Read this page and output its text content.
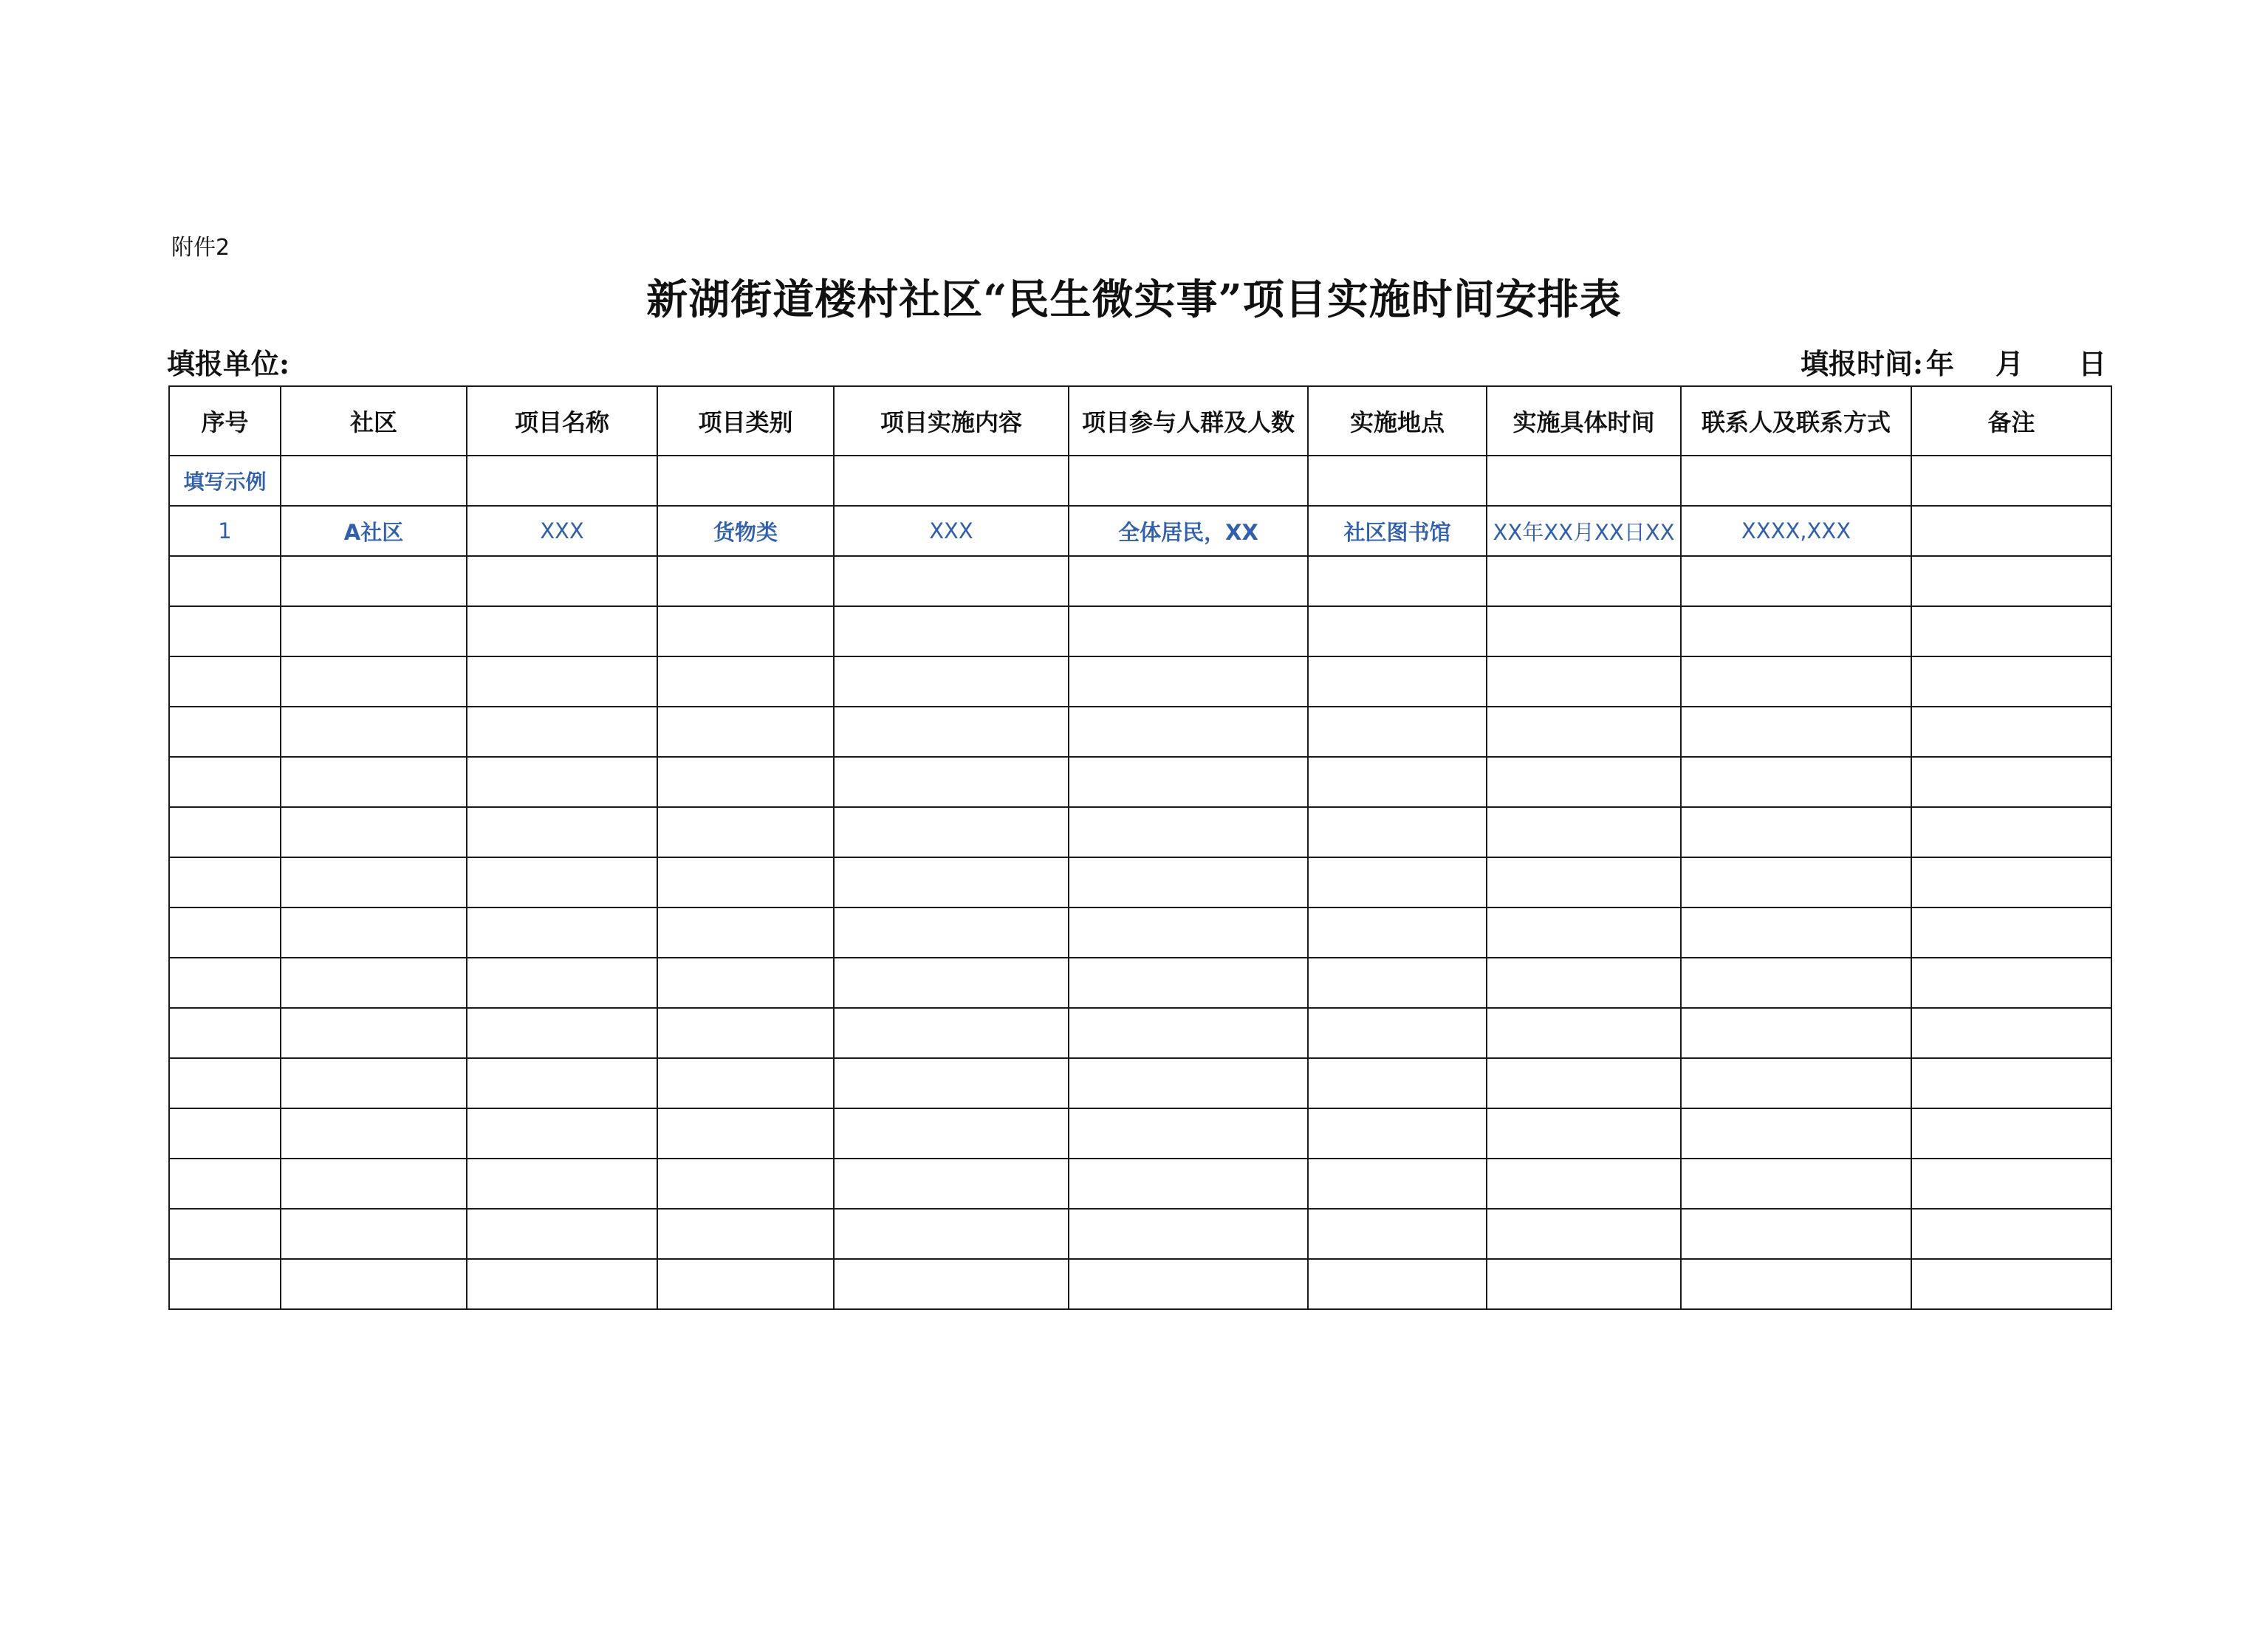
附件2
新湖街道楼村社区“民生微实事”项目实施时间安排表
填报单位:	填报时间: 年 月 日
序号	社区	项目名称	项目类别	项目实施内容	项目参与人群及人数	实施地点	实施具体时间	联系人及联系方式	备注
填写示例									
1	A社区	XXX	货物类	XXX	全体居民，XX	社区图书馆	XX年XX月XX日XX	XXXX,XXX	
